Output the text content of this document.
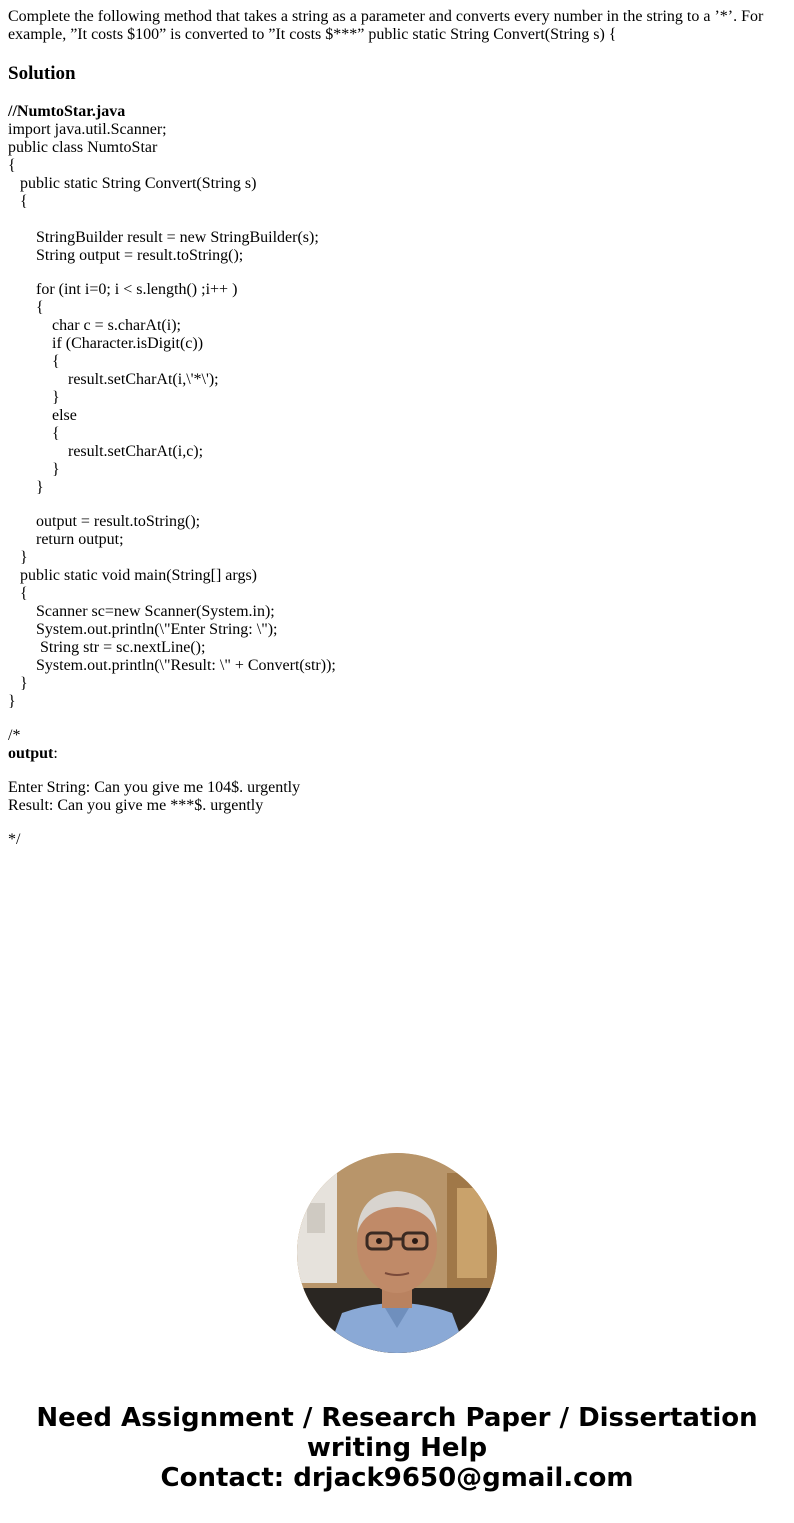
Complete the following method that takes a string as a parameter and converts every number in the string to a ’*’. For
example, ”It costs $100” is converted to ”It costs $***” public static String Convert(String s) {

Solution
//NumtoStar.java
import java.util.Scanner;
public class NumtoStar
{
public static String Convert(String s)
{
StringBuilder result = new StringBuilder(s);
String output = result.toString();
for (int i=0; i < s.length() ;i++ )
{
char c = s.charAt(i);
if (Character.isDigit(c))
{
result.setCharAt(i,\'*\');
}
else
{
result.setCharAt(i,c);
}
}
output = result.toString();
return output;
}
public static void main(String[] args)
{
Scanner sc=new Scanner(System.in);
System.out.println(\"Enter String: \");
String str = sc.nextLine();
System.out.println(\"Result: \" + Convert(str));
}
}
/*
output:
Enter String: Can you give me 104$. urgently
Result: Can you give me ***$. urgently
*/
Need Assignment / Research Paper / Dissertation
writing Help
Contact: drjack9650@gmail.com
